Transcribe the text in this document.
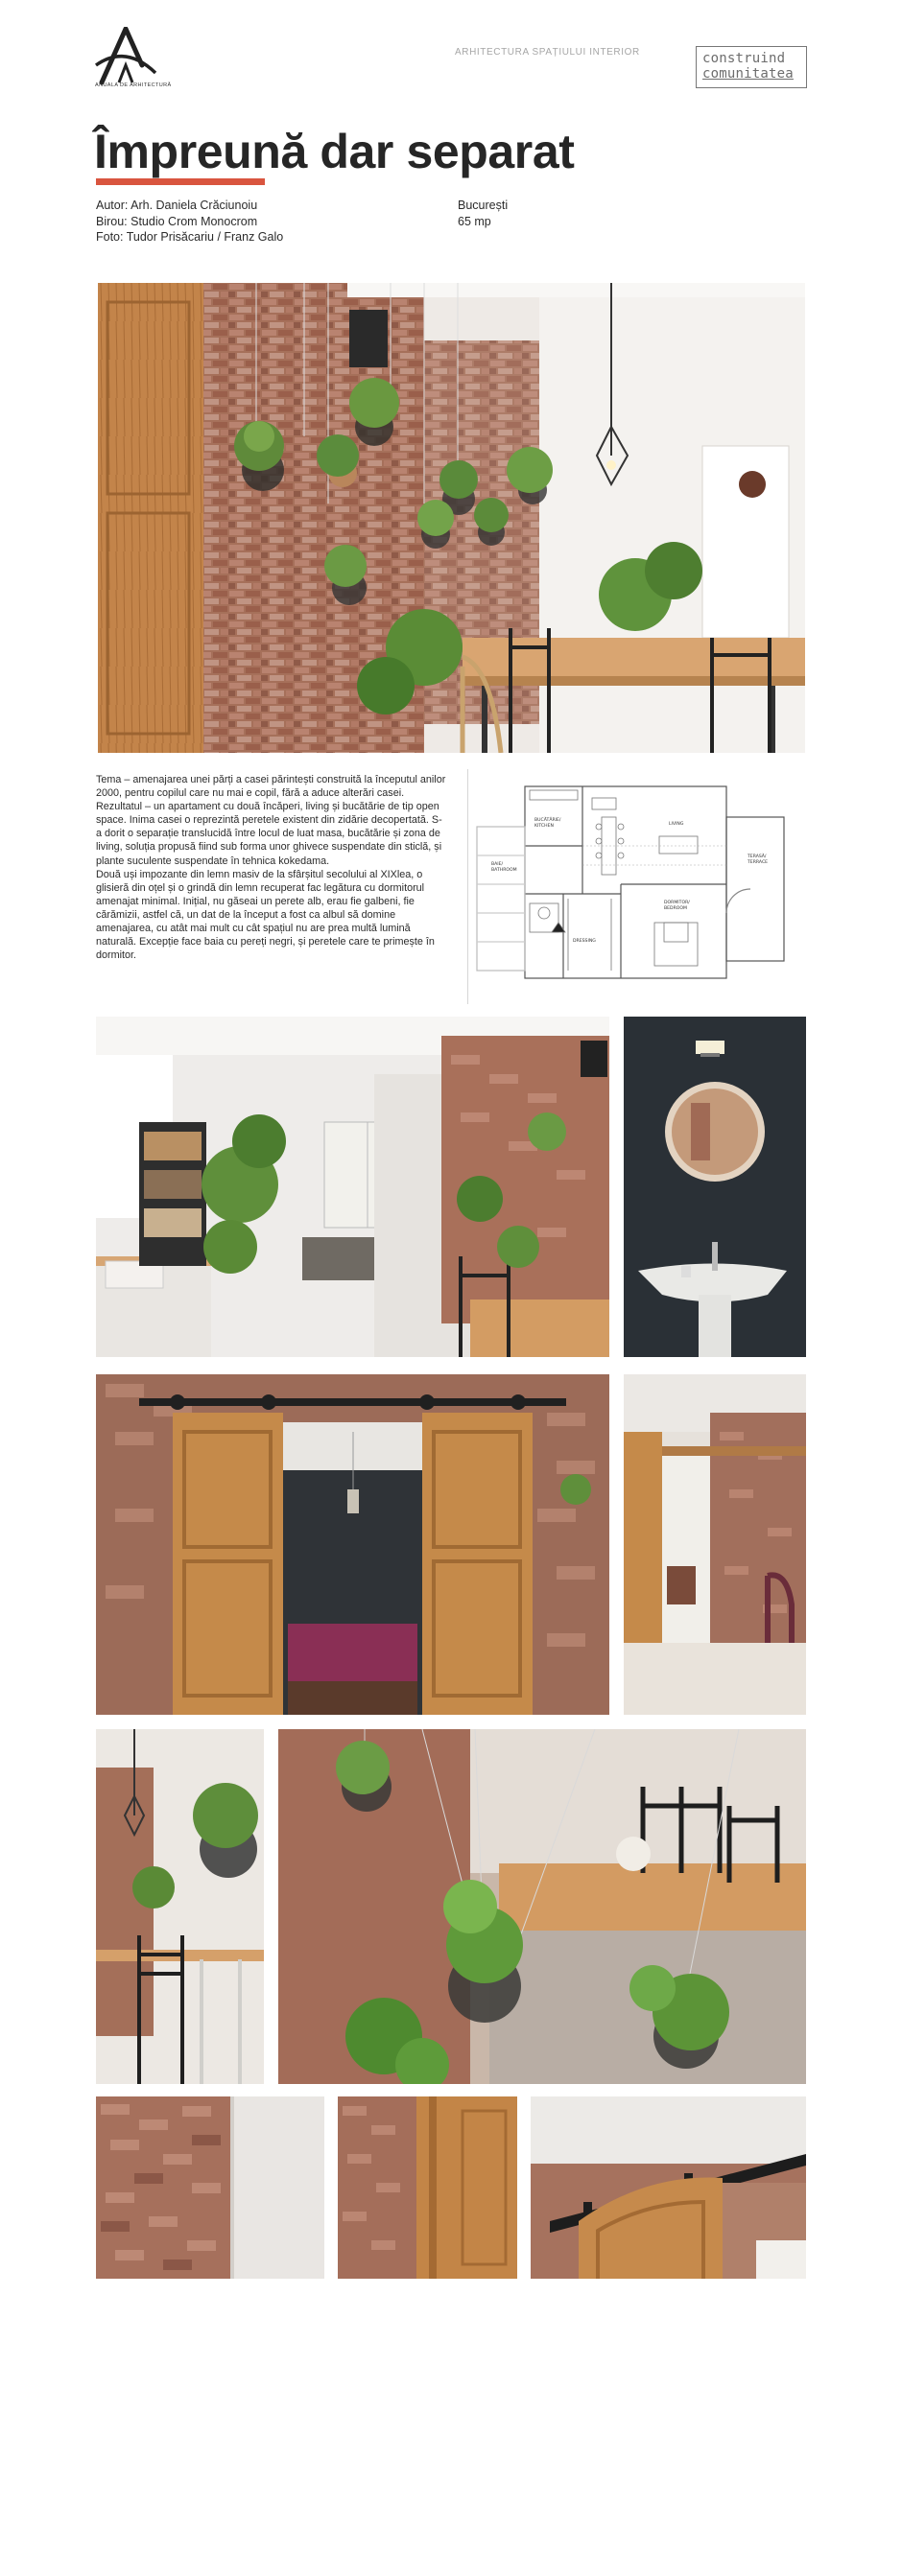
ANUALA DE ARHITECTURĂ
ARHITECTURA SPAȚIULUI INTERIOR	construind
comunitatea
Împreună dar separat
Autor: Arh. Daniela Crăciunoiu
Birou: Studio Crom Monocrom
Foto: Tudor Prisăcariu / Franz Galo
București
65 mp

Tema – amenajarea unei părți a casei părintești construită la începutul anilor 2000, pentru copilul care nu mai e copil, fără a aduce alterări casei.

Rezultatul – un apartament cu două încăperi, living și bucătărie de tip open space. Inima casei o reprezintă peretele existent din zidărie decopertată. S-a dorit o separație translucidă între locul de luat masa, bucătărie și zona de living, soluția propusă fiind sub forma unor ghivece suspendate din sticlă, și plante suculente suspendate în tehnica kokedama.

Două uși impozante din lemn masiv de la sfârșitul secolului al XIXlea, o glisieră din oțel și o grindă din lemn recuperat fac legătura cu dormitorul amenajat minimal. Inițial, nu găseai un perete alb, erau fie galbeni, fie cărămizii, astfel că, un dat de la început a fost ca albul să domine amenajarea, cu atât mai mult cu cât spațiul nu are prea multă lumină naturală. Excepție face baia cu pereți negri, și peretele care te primește în dormitor.

BUCĂTĂRIE/
KITCHEN	LIVING
TERASĂ/
TERRACE
DORMITOR/
BEDROOM
BAIE/
BATHROOM
DRESSING
